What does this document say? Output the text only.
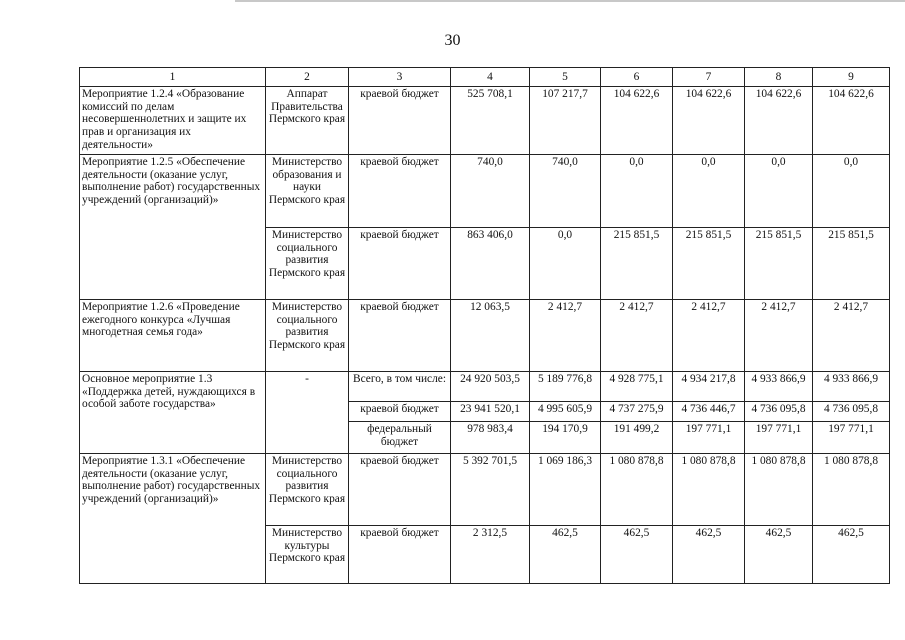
30
1	2	3	4	5	6	7	8	9
Мероприятие 1.2.4 «Образование комиссий по делам несовершеннолетних и защите их прав и организация их деятельности»	Аппарат Правительства Пермского края	краевой бюджет	525 708,1	107 217,7	104 622,6	104 622,6	104 622,6	104 622,6
Мероприятие 1.2.5 «Обеспечение деятельности (оказание услуг, выполнение работ) государственных учреждений (организаций)»	Министерство образования и науки Пермского края	краевой бюджет	740,0	740,0	0,0	0,0	0,0	0,0
	Министерство социального развития Пермского края	краевой бюджет	863 406,0	0,0	215 851,5	215 851,5	215 851,5	215 851,5
Мероприятие 1.2.6 «Проведение ежегодного конкурса «Лучшая многодетная семья года»	Министерство социального развития Пермского края	краевой бюджет	12 063,5	2 412,7	2 412,7	2 412,7	2 412,7	2 412,7
Основное мероприятие 1.3 «Поддержка детей, нуждающихся в особой заботе государства»	-	Всего, в том числе:	24 920 503,5	5 189 776,8	4 928 775,1	4 934 217,8	4 933 866,9	4 933 866,9
		краевой бюджет	23 941 520,1	4 995 605,9	4 737 275,9	4 736 446,7	4 736 095,8	4 736 095,8
		федеральный бюджет	978 983,4	194 170,9	191 499,2	197 771,1	197 771,1	197 771,1
Мероприятие 1.3.1 «Обеспечение деятельности (оказание услуг, выполнение работ) государственных учреждений (организаций)»	Министерство социального развития Пермского края	краевой бюджет	5 392 701,5	1 069 186,3	1 080 878,8	1 080 878,8	1 080 878,8	1 080 878,8
	Министерство культуры Пермского края	краевой бюджет	2 312,5	462,5	462,5	462,5	462,5	462,5
